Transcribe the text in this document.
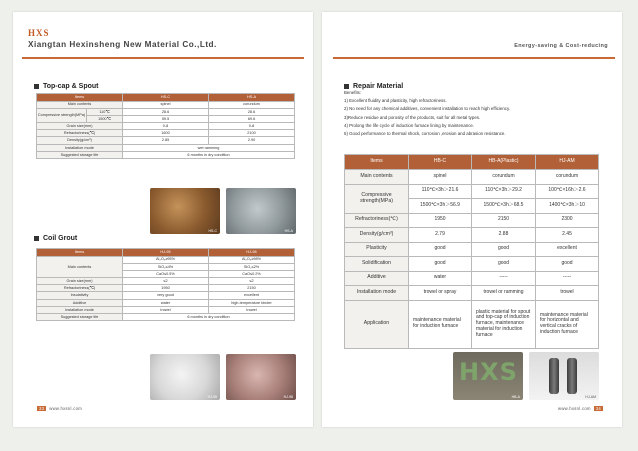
HXS
Xiangtan Hexinsheng New Material Co.,Ltd.	Energy-saving & Cost-reducing
Top-cap & Spout
Items		HS-C	HS-A
Main contents		spinel	corundum
Compressive strength(MPa)	110℃	28.6	28.6
	1500℃	59.5	69.6
Grain size(mm)		0-8	0-8
Refractoriness(℃)		1600	2100
Density(g/cm³)		2.85	2.90
Installation mode		wet ramming	
Suggested storage life		6 months in dry condition	
HS-C	HS-A
Coil Grout
Items	HJ-95	HJ-98
Main contents	Al₂O₃≥95%	Al₂O₃≥98%
	SiO₂≤4%	SiO₂≤2%
	CaO≤0.5%	CaO≤0.2%
Grain size(mm)	≤2	≤2
Refractoriness(℃)	1950	2150
Insulativity	very good	excellent
Additive	water	high-temperature binder
Installation mode	trowel	trowel
Suggested storage life	6 months in dry condition	
HJ-95	HJ-98
33	www.hxsnl.com
Repair Material
Benefits:
1) Excellent fluidity and plasticity, high refractoriness.
2) No need for any chemical additives, convenient installation to reach high efficiency.
3)Reduce residue and porosity of the products, suit for all metal types.
4) Prolong the life cycle of induction furnace lining by maintenance.
5) Good performance to thermal shock, corrosion ,erosion and abrasion resistance.
Items	HB-C	HB-A(Plastic)	HJ-AM
Main contents	spinel	corundum	corundum
Compressive strength(MPa)	110℃×3h＞21.6	110℃×3h＞29.2	100℃×16h＞2.6
	1500℃×3h＞56.9	1500℃×3h＞68.5	1400℃×3h＞10
Refractoriness(℃)	1950	2150	2300
Density(g/cm³)	2.79	2.88	2.45
Plasticity	good	good	excellent
Solidification	good	good	good
Additive	water	-----	-----
Installation mode	trowel or spray	trowel or ramming	trowel
Application	maintenance material for induction furnace	plastic material for spout and top-cap of induction furnace, maintenance material for induction furnace	maintenance material for horizontal and vertical cracks of induction furnace
HXS
HB-A	HJ-AM
www.hxsnl.com	34
